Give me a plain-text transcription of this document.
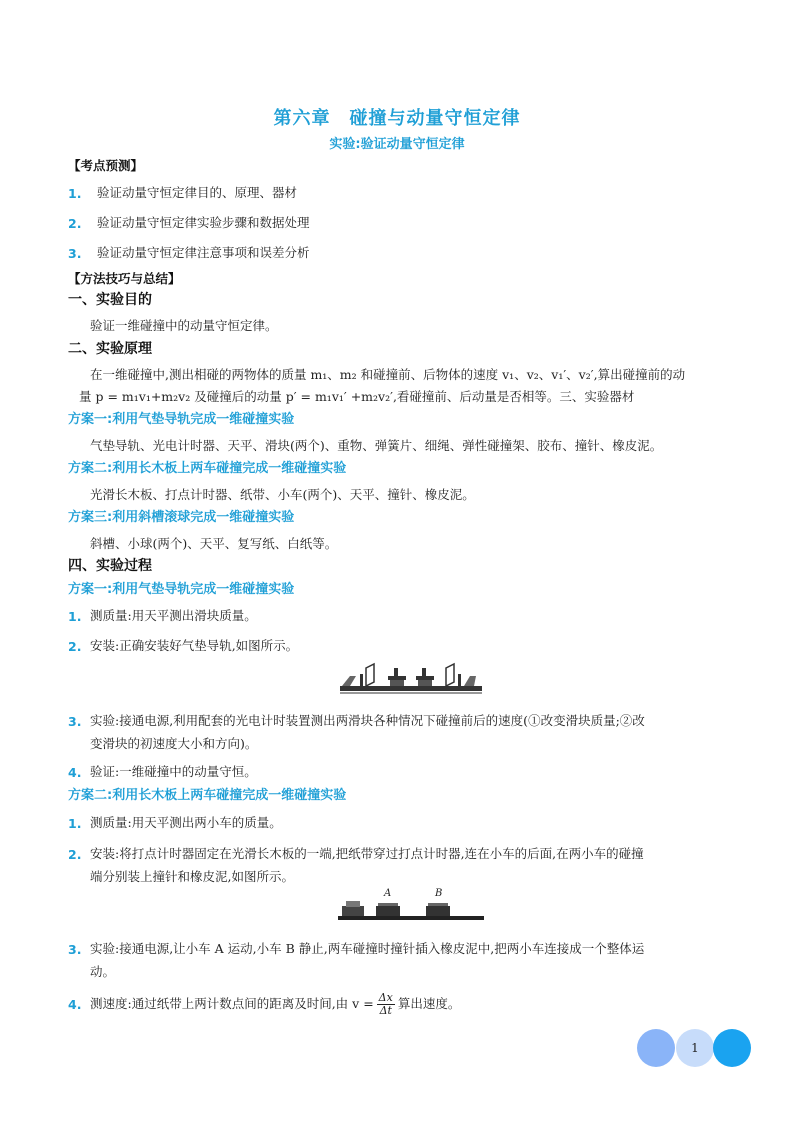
第六章　碰撞与动量守恒定律
实验:验证动量守恒定律
【考点预测】
1. 验证动量守恒定律目的、原理、器材
2. 验证动量守恒定律实验步骤和数据处理
3. 验证动量守恒定律注意事项和误差分析
【方法技巧与总结】
一、实验目的
验证一维碰撞中的动量守恒定律。
二、实验原理
在一维碰撞中,测出相碰的两物体的质量 m₁、m₂ 和碰撞前、后物体的速度 v₁、v₂、v₁′、v₂′,算出碰撞前的动
量 p = m₁v₁+m₂v₂ 及碰撞后的动量 p′ = m₁v₁′ +m₂v₂′,看碰撞前、后动量是否相等。三、实验器材
方案一:利用气垫导轨完成一维碰撞实验
气垫导轨、光电计时器、天平、滑块(两个)、重物、弹簧片、细绳、弹性碰撞架、胶布、撞针、橡皮泥。
方案二:利用长木板上两车碰撞完成一维碰撞实验
光滑长木板、打点计时器、纸带、小车(两个)、天平、撞针、橡皮泥。
方案三:利用斜槽滚球完成一维碰撞实验
斜槽、小球(两个)、天平、复写纸、白纸等。
四、实验过程
方案一:利用气垫导轨完成一维碰撞实验
1. 测质量:用天平测出滑块质量。
2. 安装:正确安装好气垫导轨,如图所示。
3. 实验:接通电源,利用配套的光电计时装置测出两滑块各种情况下碰撞前后的速度(①改变滑块质量;②改
变滑块的初速度大小和方向)。
4. 验证:一维碰撞中的动量守恒。
方案二:利用长木板上两车碰撞完成一维碰撞实验
1. 测质量:用天平测出两小车的质量。
2. 安装:将打点计时器固定在光滑长木板的一端,把纸带穿过打点计时器,连在小车的后面,在两小车的碰撞
端分别装上撞针和橡皮泥,如图所示。
A	B
3. 实验:接通电源,让小车 A 运动,小车 B 静止,两车碰撞时撞针插入橡皮泥中,把两小车连接成一个整体运
动。
4. 测速度:通过纸带上两计数点间的距离及时间,由 $v = \frac{\Delta x}{\Delta t}$ 算出速度。
1
